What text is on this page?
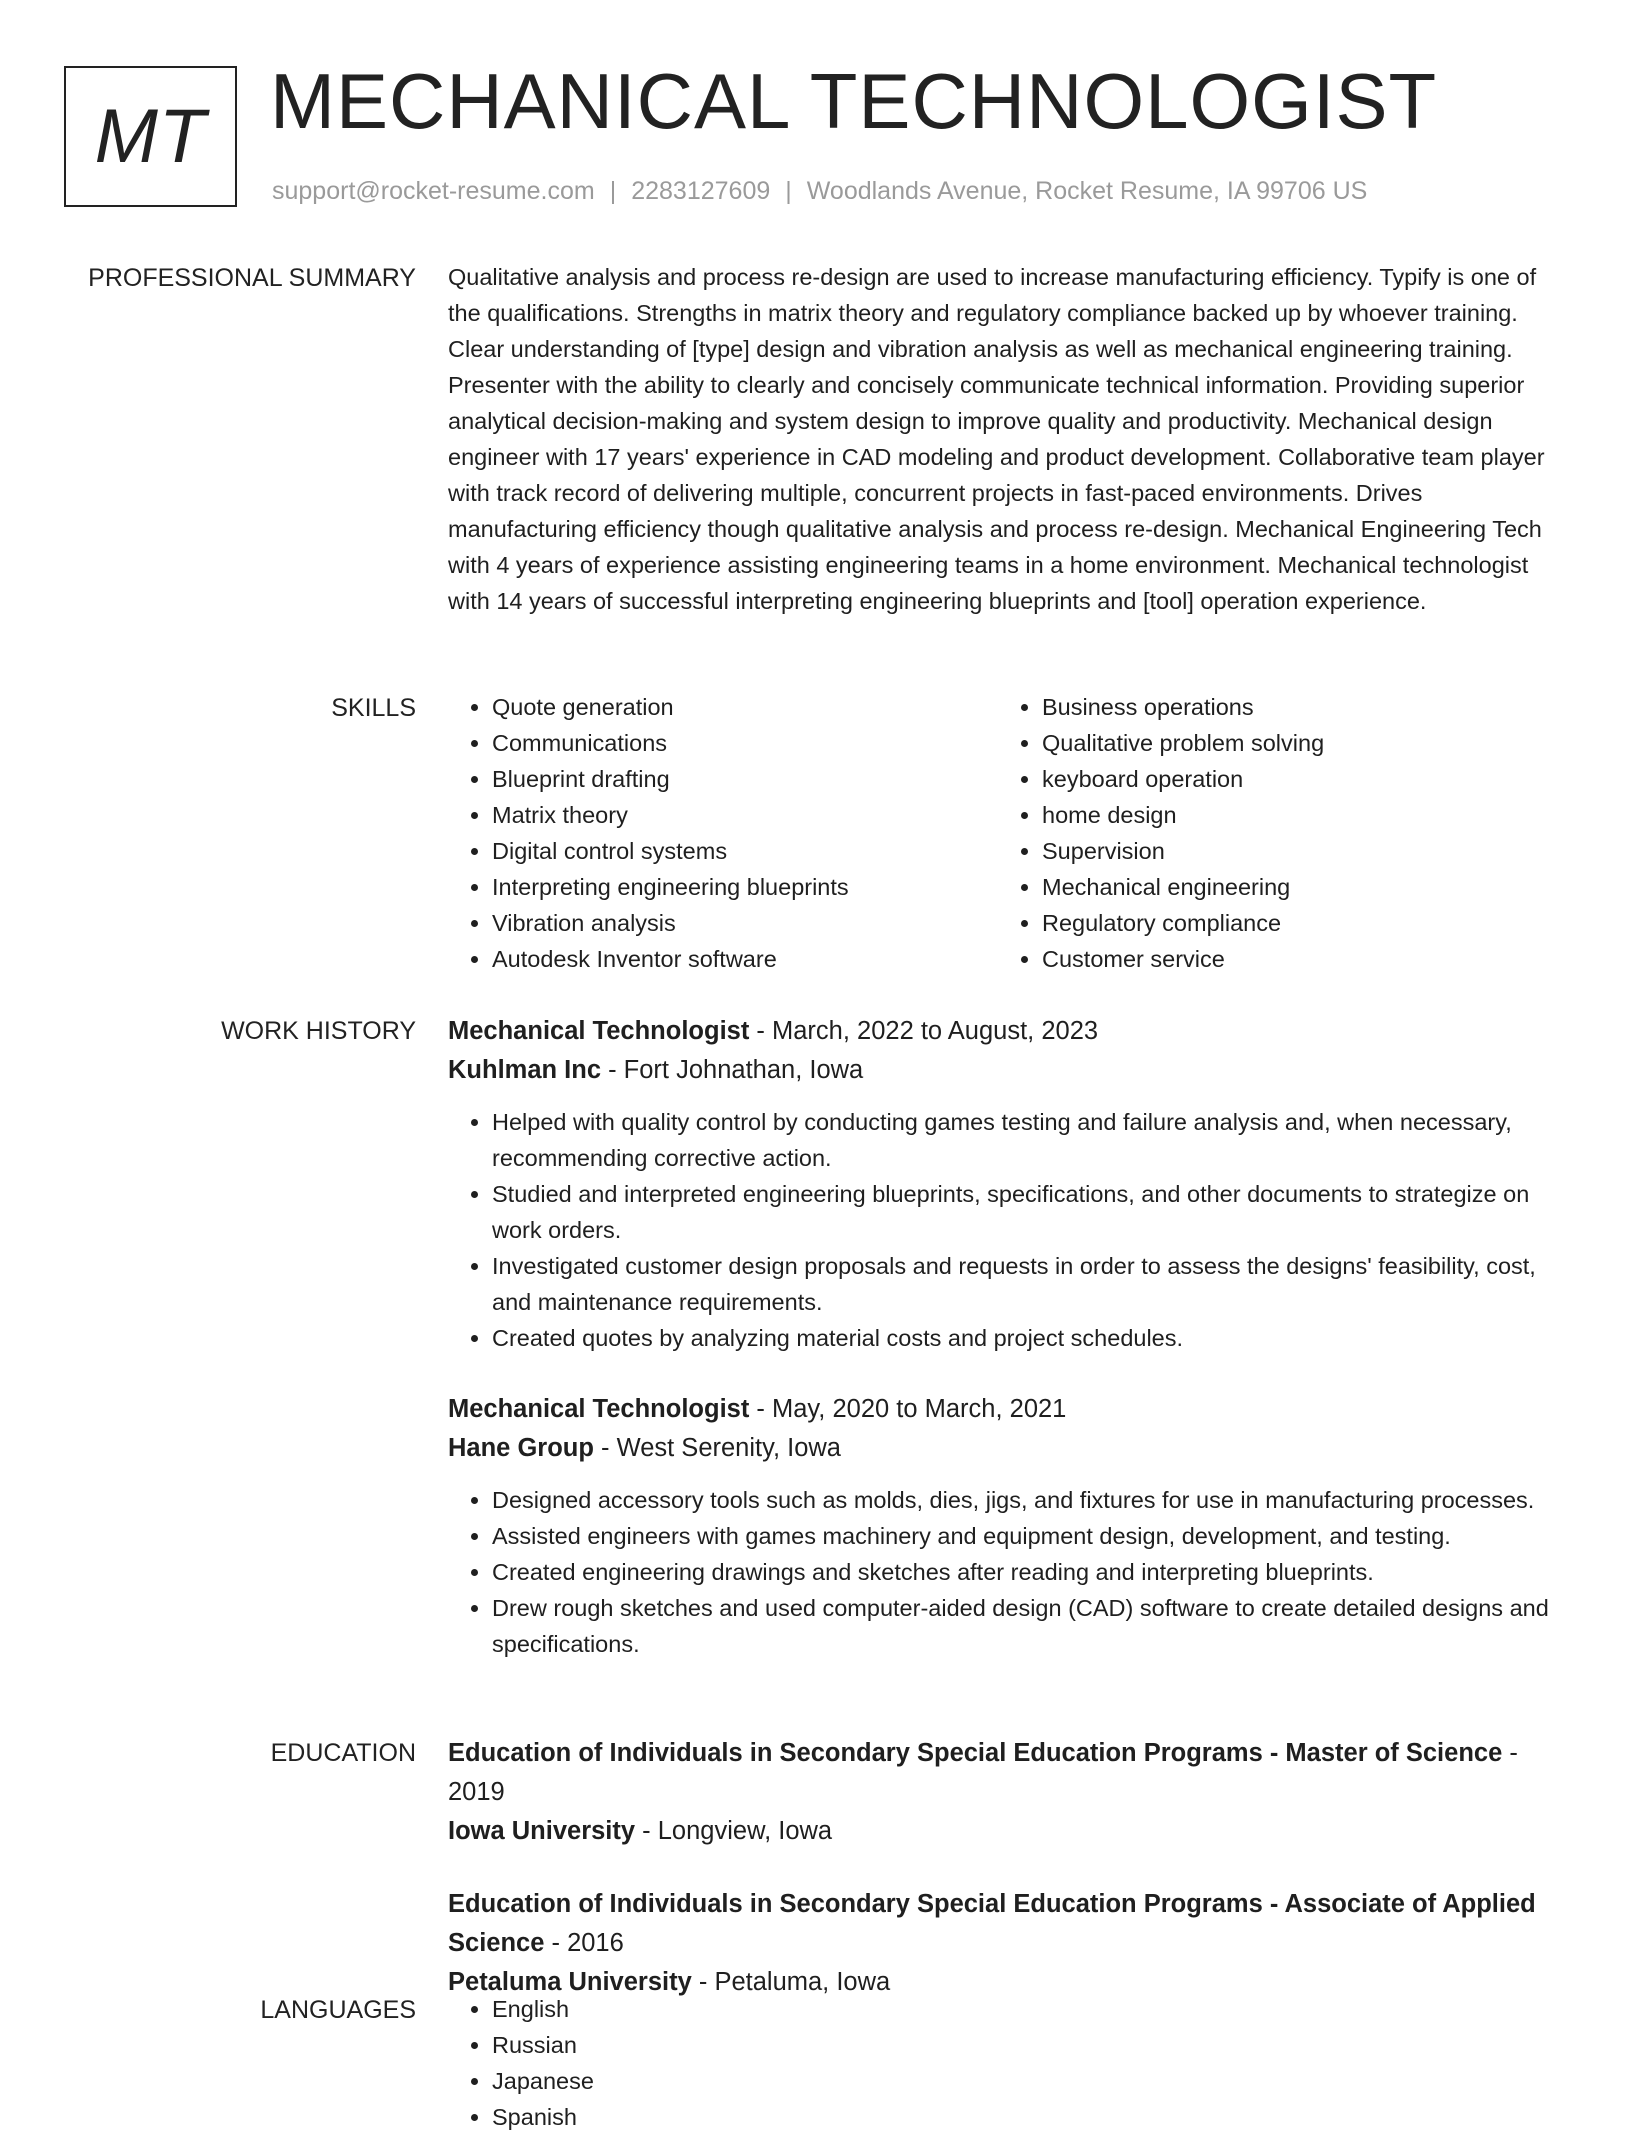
MT MECHANICAL TECHNOLOGIST
support@rocket-resume.com | 2283127609 | Woodlands Avenue, Rocket Resume, IA 99706 US
PROFESSIONAL SUMMARY Qualitative analysis and process re-design are used to increase manufacturing efficiency. Typify is one of the qualifications. Strengths in matrix theory and regulatory compliance backed up by whoever training. Clear understanding of [type] design and vibration analysis as well as mechanical engineering training. Presenter with the ability to clearly and concisely communicate technical information. Providing superior analytical decision-making and system design to improve quality and productivity. Mechanical design engineer with 17 years' experience in CAD modeling and product development. Collaborative team player with track record of delivering multiple, concurrent projects in fast-paced environments. Drives manufacturing efficiency though qualitative analysis and process re-design. Mechanical Engineering Tech with 4 years of experience assisting engineering teams in a home environment. Mechanical technologist with 14 years of successful interpreting engineering blueprints and [tool] operation experience.

SKILLS	• Quote generation
• Communications
• Blueprint drafting
• Matrix theory
• Digital control systems
• Interpreting engineering blueprints
• Vibration analysis
• Autodesk Inventor software
• Business operations
• Qualitative problem solving
• keyboard operation
• home design
• Supervision
• Mechanical engineering
• Regulatory compliance
• Customer service
WORK HISTORY Mechanical Technologist - March, 2022 to August, 2023
Kuhlman Inc - Fort Johnathan, Iowa
• Helped with quality control by conducting games testing and failure analysis and, when necessary, recommending corrective action.
• Studied and interpreted engineering blueprints, specifications, and other documents to strategize on work orders.
• Investigated customer design proposals and requests in order to assess the designs' feasibility, cost, and maintenance requirements.
• Created quotes by analyzing material costs and project schedules.
Mechanical Technologist - May, 2020 to March, 2021
Hane Group - West Serenity, Iowa
• Designed accessory tools such as molds, dies, jigs, and fixtures for use in manufacturing processes.
• Assisted engineers with games machinery and equipment design, development, and testing.
• Created engineering drawings and sketches after reading and interpreting blueprints.
• Drew rough sketches and used computer-aided design (CAD) software to create detailed designs and specifications.
EDUCATION Education of Individuals in Secondary Special Education Programs - Master of Science - 2019
Iowa University - Longview, Iowa
Education of Individuals in Secondary Special Education Programs - Associate of Applied Science - 2016
Petaluma University - Petaluma, Iowa
LANGUAGES	• English
• Russian
• Japanese
• Spanish
